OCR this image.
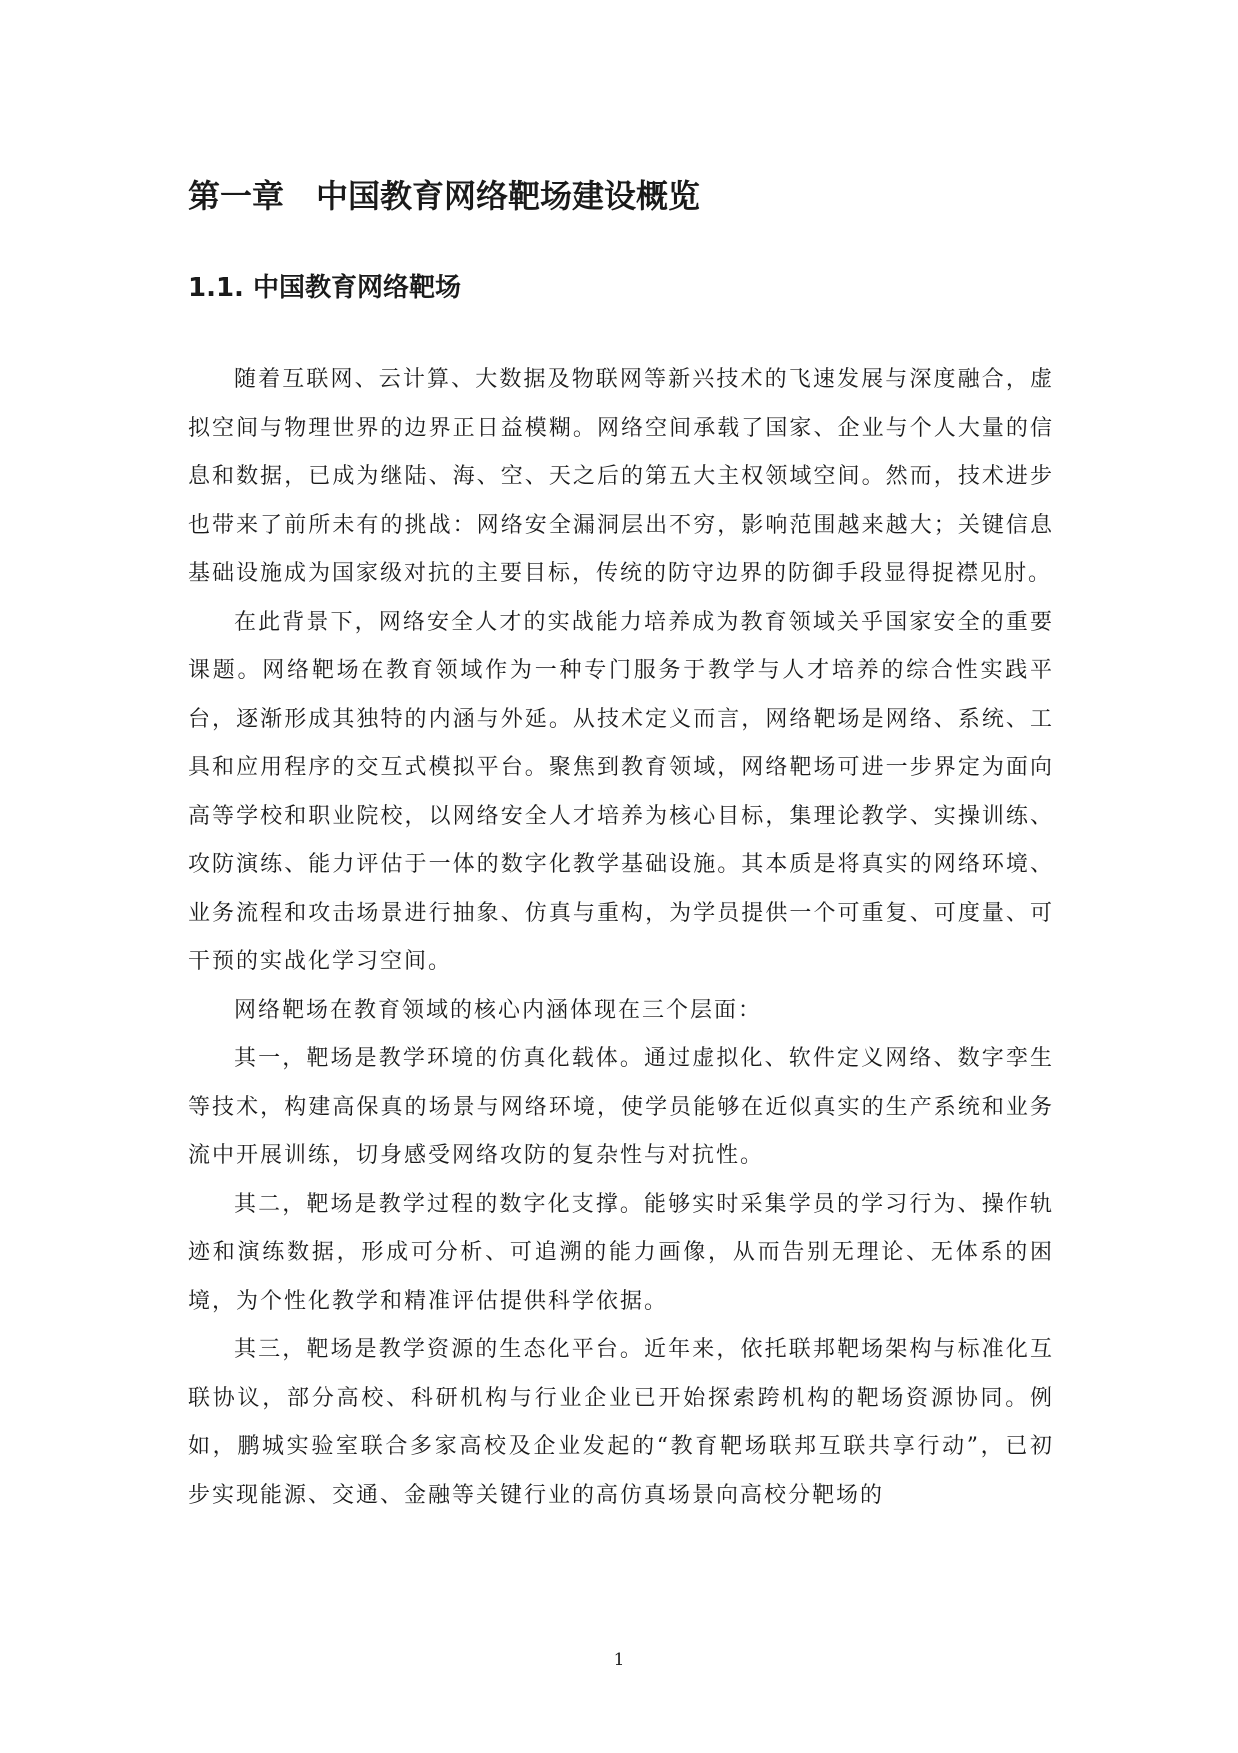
第一章 中国教育网络靶场建设概览
1.1. 中国教育网络靶场

随着互联网、云计算、大数据及物联网等新兴技术的飞速发展与深度融合，虚拟空间与物理世界的边界正日益模糊。网络空间承载了国家、企业与个人大量的信息和数据，已成为继陆、海、空、天之后的第五大主权领域空间。然而，技术进步也带来了前所未有的挑战：网络安全漏洞层出不穷，影响范围越来越大；关键信息基础设施成为国家级对抗的主要目标，传统的防守边界的防御手段显得捉襟见肘。

在此背景下，网络安全人才的实战能力培养成为教育领域关乎国家安全的重要课题。网络靶场在教育领域作为一种专门服务于教学与人才培养的综合性实践平台，逐渐形成其独特的内涵与外延。从技术定义而言，网络靶场是网络、系统、工具和应用程序的交互式模拟平台。聚焦到教育领域，网络靶场可进一步界定为面向高等学校和职业院校，以网络安全人才培养为核心目标，集理论教学、实操训练、攻防演练、能力评估于一体的数字化教学基础设施。其本质是将真实的网络环境、业务流程和攻击场景进行抽象、仿真与重构，为学员提供一个可重复、可度量、可干预的实战化学习空间。

网络靶场在教育领域的核心内涵体现在三个层面：

其一，靶场是教学环境的仿真化载体。通过虚拟化、软件定义网络、数字孪生等技术，构建高保真的场景与网络环境，使学员能够在近似真实的生产系统和业务流中开展训练，切身感受网络攻防的复杂性与对抗性。

其二，靶场是教学过程的数字化支撑。能够实时采集学员的学习行为、操作轨迹和演练数据，形成可分析、可追溯的能力画像，从而告别无理论、无体系的困境，为个性化教学和精准评估提供科学依据。

其三，靶场是教学资源的生态化平台。近年来，依托联邦靶场架构与标准化互联协议，部分高校、科研机构与行业企业已开始探索跨机构的靶场资源协同。例如，鹏城实验室联合多家高校及企业发起的“教育靶场联邦互联共享行动”，已初步实现能源、交通、金融等关键行业的高仿真场景向高校分靶场的

1
